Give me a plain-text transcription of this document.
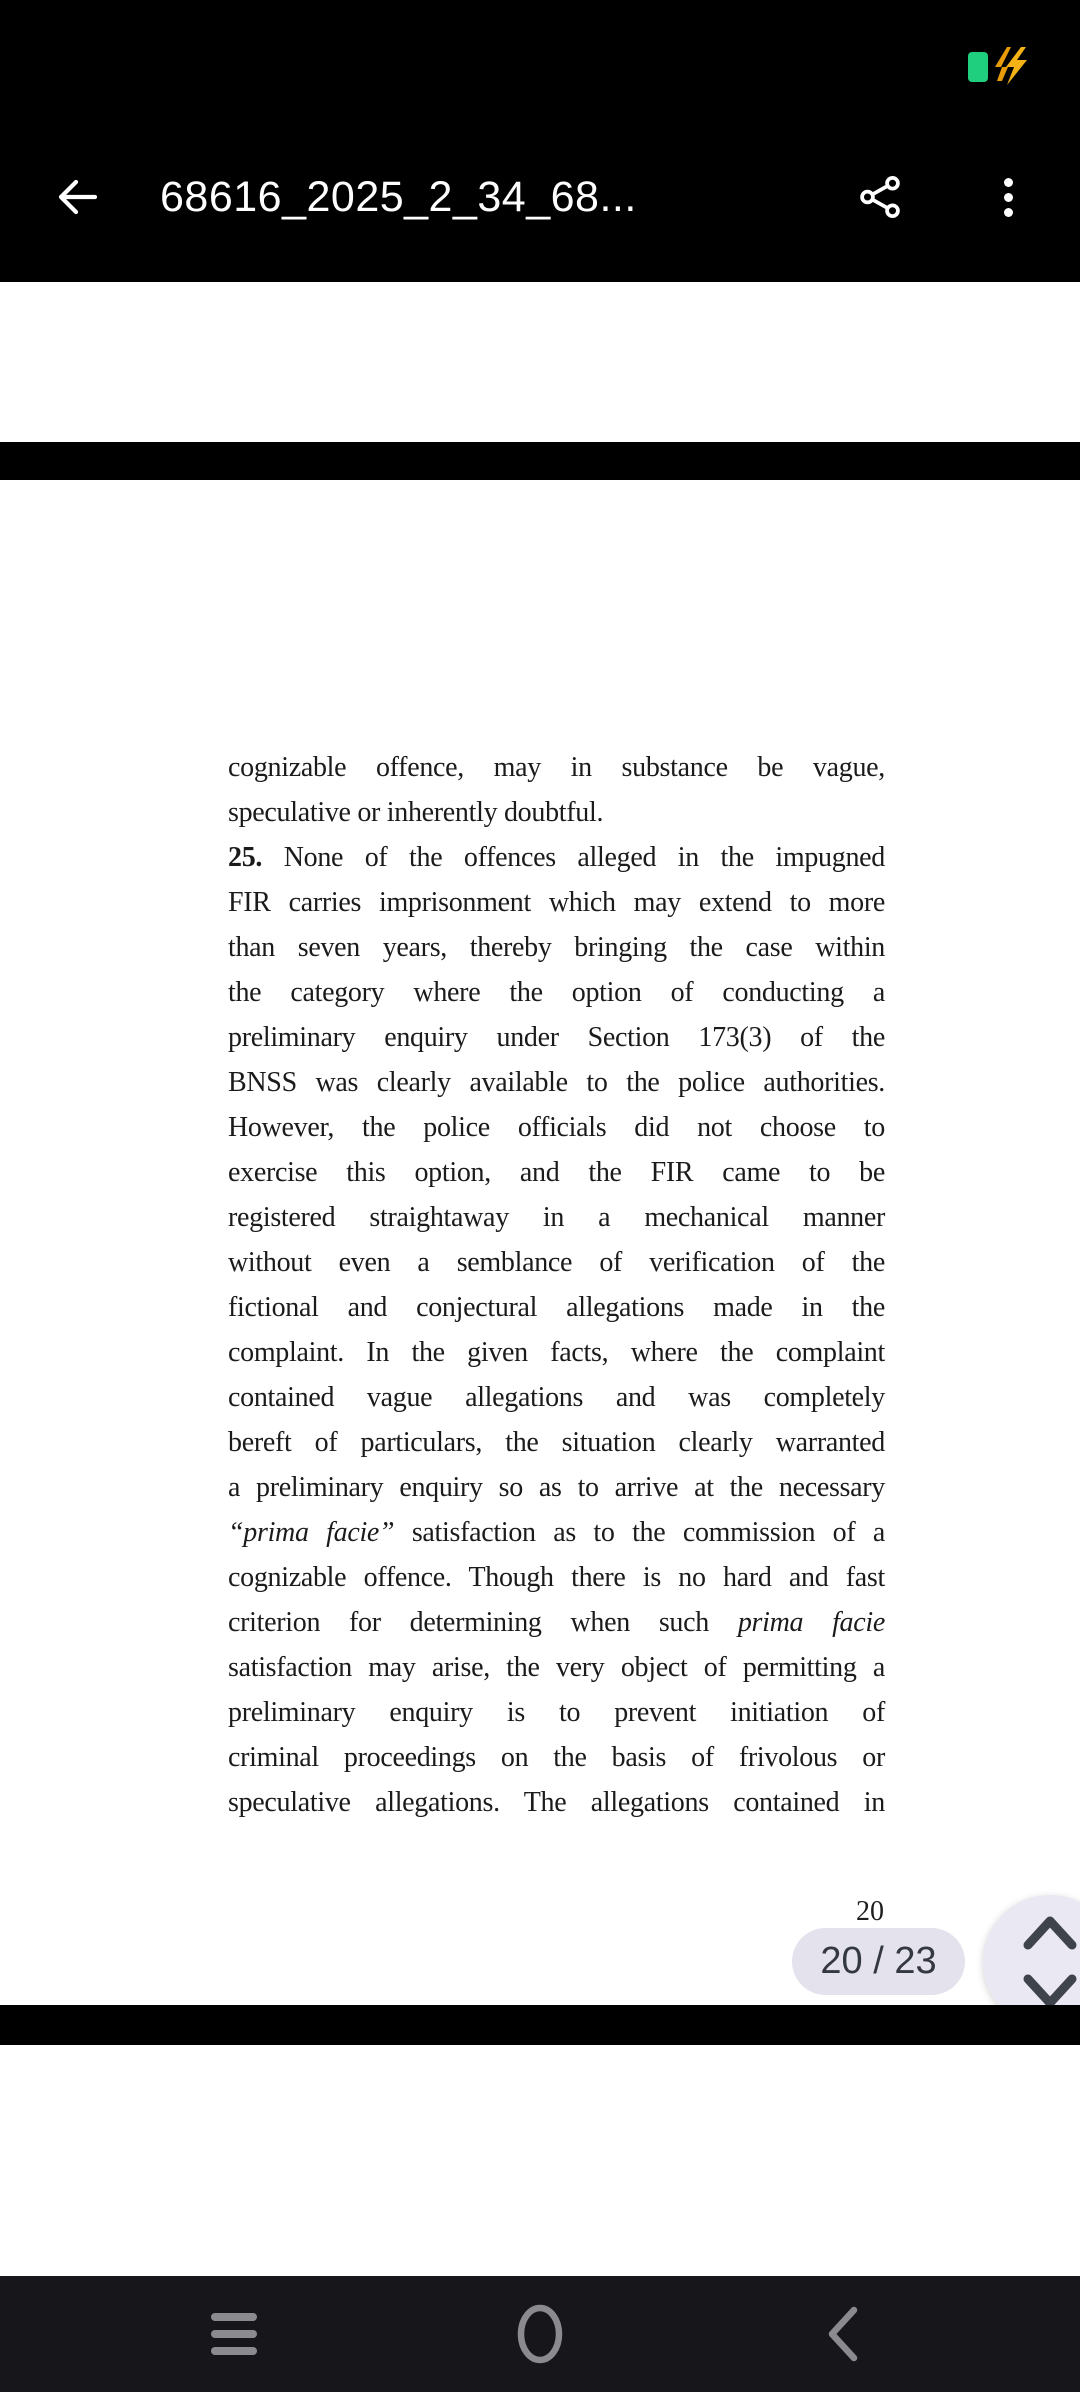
68616_2025_2_34_68...
cognizable offence, may in substance be vague,
speculative or inherently doubtful.
25. None of the offences alleged in the impugned
FIR carries imprisonment which may extend to more
than seven years, thereby bringing the case within
the category where the option of conducting a
preliminary enquiry under Section 173(3) of the
BNSS was clearly available to the police authorities.
However, the police officials did not choose to
exercise this option, and the FIR came to be
registered straightaway in a mechanical manner
without even a semblance of verification of the
fictional and conjectural allegations made in the
complaint. In the given facts, where the complaint
contained vague allegations and was completely
bereft of particulars, the situation clearly warranted
a preliminary enquiry so as to arrive at the necessary
“prima facie” satisfaction as to the commission of a
cognizable offence. Though there is no hard and fast
criterion for determining when such prima facie
satisfaction may arise, the very object of permitting a
preliminary enquiry is to prevent initiation of
criminal proceedings on the basis of frivolous or
speculative allegations. The allegations contained in
20
20 / 23
